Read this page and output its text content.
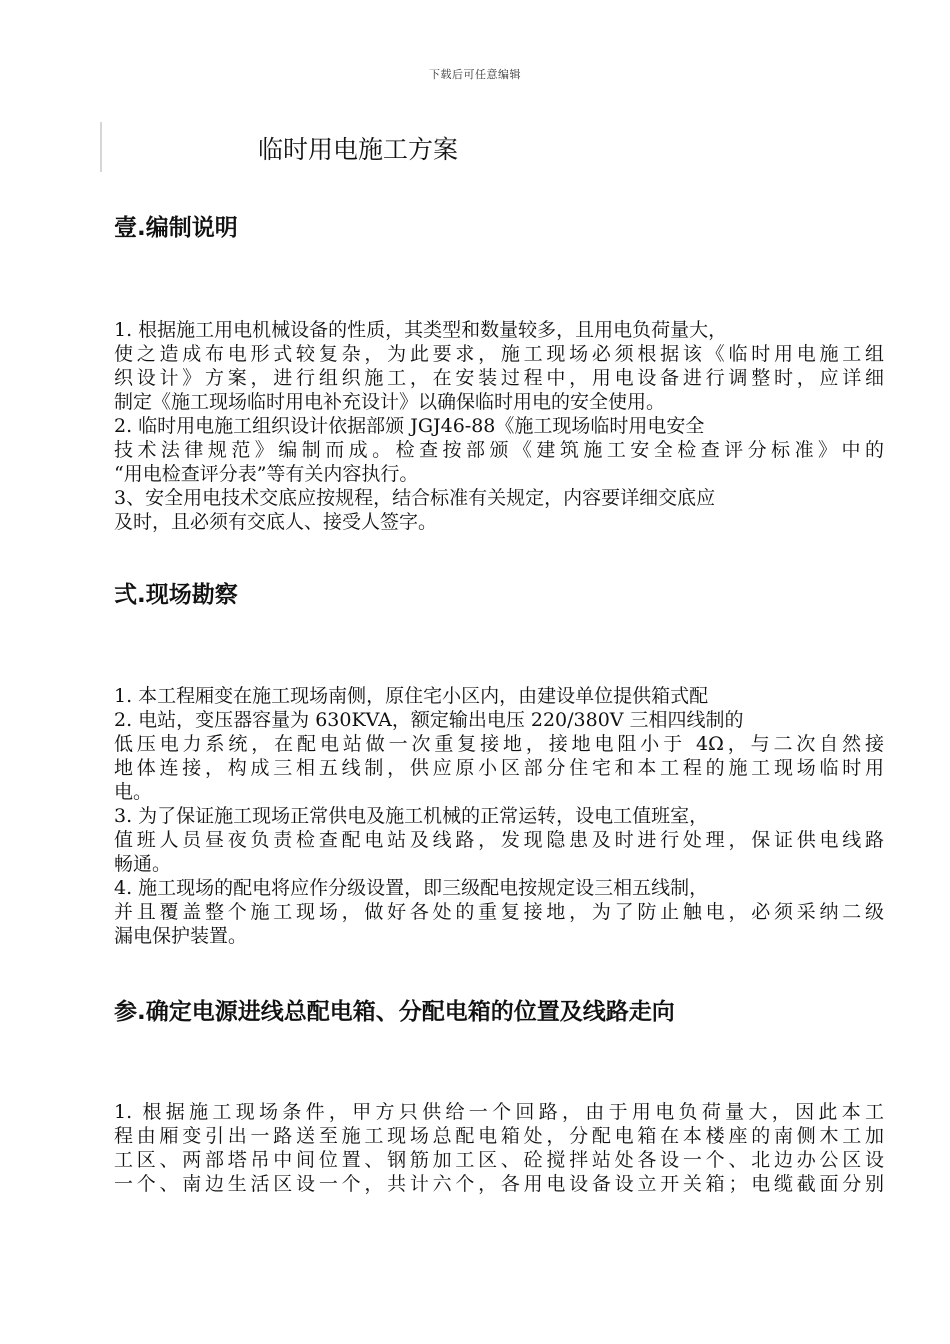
下载后可任意编辑
临时用电施工方案
壹.编制说明
1. 根据施工用电机械设备的性质，其类型和数量较多，且用电负荷量大，
使之造成布电形式较复杂，为此要求，施工现场必须根据该《临时用电施工组
织设计》方案，进行组织施工，在安装过程中，用电设备进行调整时，应详细
制定《施工现场临时用电补充设计》以确保临时用电的安全使用。
2. 临时用电施工组织设计依据部颁 JGJ46-88《施工现场临时用电安全
技术法律规范》编制而成。检查按部颁《建筑施工安全检查评分标准》中的
“用电检查评分表”等有关内容执行。
3、安全用电技术交底应按规程，结合标准有关规定，内容要详细交底应
及时，且必须有交底人、接受人签字。
弍.现场勘察
1. 本工程厢变在施工现场南侧，原住宅小区内，由建设单位提供箱式配
2. 电站，变压器容量为 630KVA，额定输出电压 220/380V 三相四线制的
低压电力系统，在配电站做一次重复接地，接地电阻小于 4Ω，与二次自然接
地体连接，构成三相五线制，供应原小区部分住宅和本工程的施工现场临时用
电。
3. 为了保证施工现场正常供电及施工机械的正常运转，设电工值班室，
值班人员昼夜负责检查配电站及线路，发现隐患及时进行处理，保证供电线路
畅通。
4. 施工现场的配电将应作分级设置，即三级配电按规定设三相五线制，
并且覆盖整个施工现场，做好各处的重复接地，为了防止触电，必须采纳二级
漏电保护装置。
参.确定电源进线总配电箱、分配电箱的位置及线路走向
1. 根据施工现场条件，甲方只供给一个回路，由于用电负荷量大，因此本工
程由厢变引出一路送至施工现场总配电箱处，分配电箱在本楼座的南侧木工加
工区、两部塔吊中间位置、钢筋加工区、砼搅拌站处各设一个、北边办公区设
一个、南边生活区设一个，共计六个，各用电设备设立开关箱；电缆截面分别
